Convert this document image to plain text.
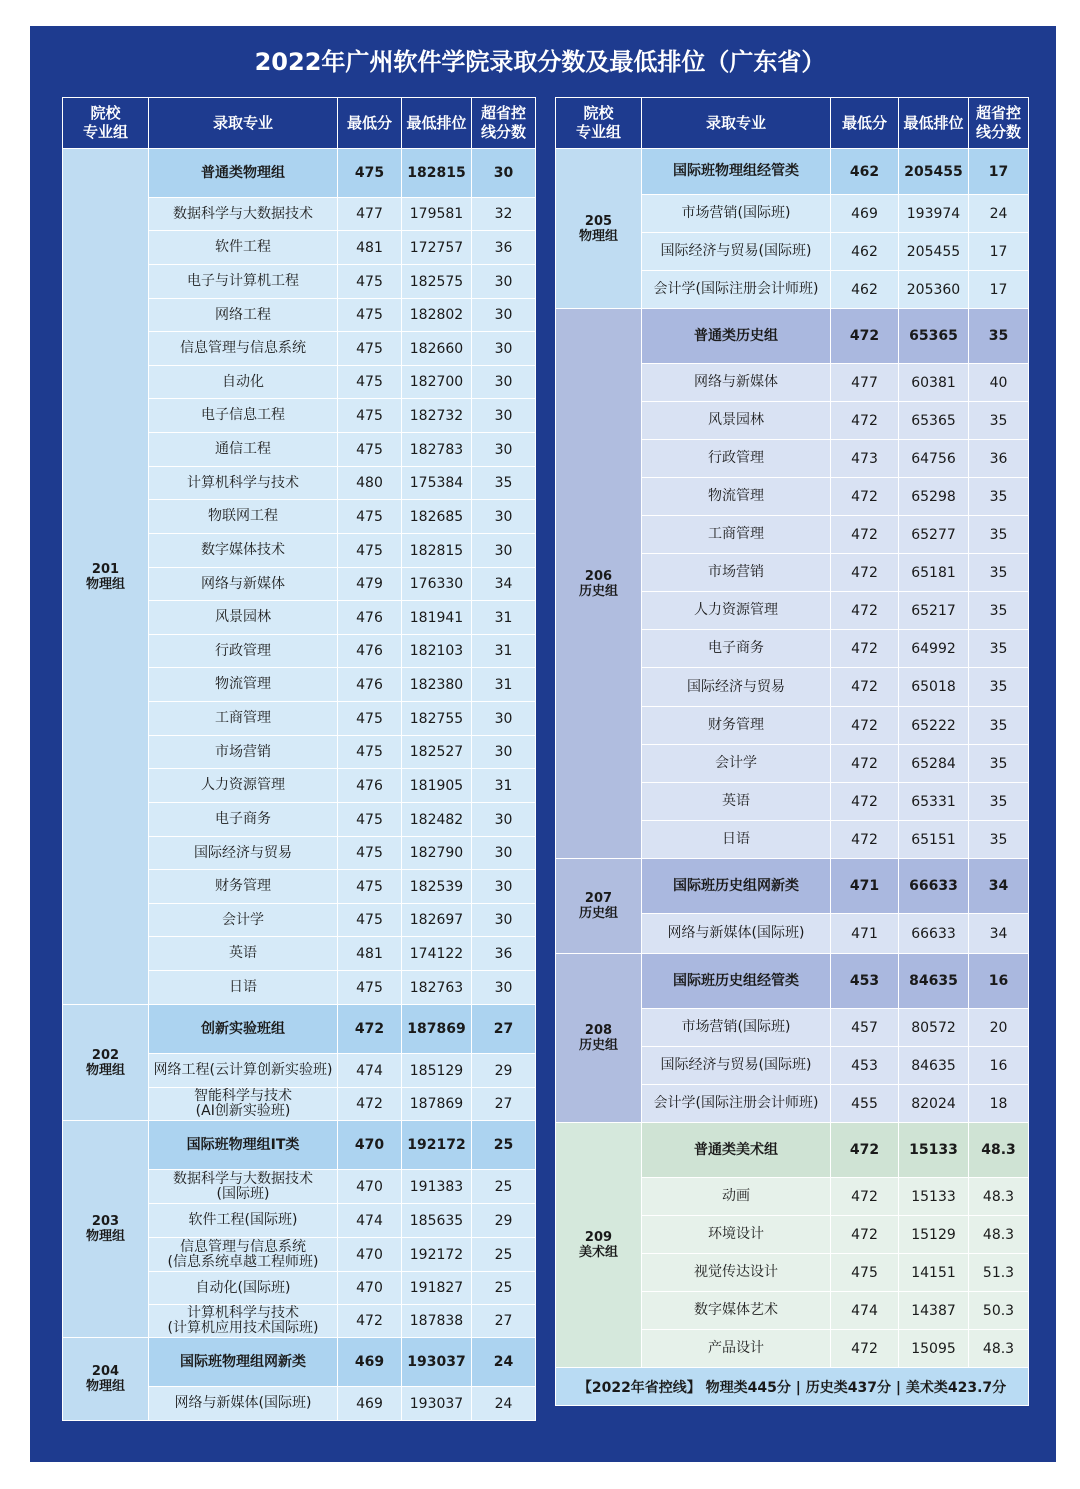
2022年广州软件学院录取分数及最低排位（广东省）
院校
专业组	录取专业	最低分	最低排位	超省控
线分数
201
物理组	普通类物理组	475	182815	30
	数据科学与大数据技术	477	179581	32
	软件工程	481	172757	36
	电子与计算机工程	475	182575	30
	网络工程	475	182802	30
	信息管理与信息系统	475	182660	30
	自动化	475	182700	30
	电子信息工程	475	182732	30
	通信工程	475	182783	30
	计算机科学与技术	480	175384	35
	物联网工程	475	182685	30
	数字媒体技术	475	182815	30
	网络与新媒体	479	176330	34
	风景园林	476	181941	31
	行政管理	476	182103	31
	物流管理	476	182380	31
	工商管理	475	182755	30
	市场营销	475	182527	30
	人力资源管理	476	181905	31
	电子商务	475	182482	30
	国际经济与贸易	475	182790	30
	财务管理	475	182539	30
	会计学	475	182697	30
	英语	481	174122	36
	日语	475	182763	30
202
物理组	创新实验班组	472	187869	27
	网络工程(云计算创新实验班)	474	185129	29
	智能科学与技术
(AI创新实验班)	472	187869	27
203
物理组	国际班物理组IT类	470	192172	25
	数据科学与大数据技术
(国际班)	470	191383	25
	软件工程(国际班)	474	185635	29
	信息管理与信息系统
(信息系统卓越工程师班)	470	192172	25
	自动化(国际班)	470	191827	25
	计算机科学与技术
(计算机应用技术国际班)	472	187838	27
204
物理组	国际班物理组网新类	469	193037	24
	网络与新媒体(国际班)	469	193037	24
院校
专业组	录取专业	最低分	最低排位	超省控
线分数
205
物理组	国际班物理组经管类	462	205455	17
	市场营销(国际班)	469	193974	24
	国际经济与贸易(国际班)	462	205455	17
	会计学(国际注册会计师班)	462	205360	17
206
历史组	普通类历史组	472	65365	35
	网络与新媒体	477	60381	40
	风景园林	472	65365	35
	行政管理	473	64756	36
	物流管理	472	65298	35
	工商管理	472	65277	35
	市场营销	472	65181	35
	人力资源管理	472	65217	35
	电子商务	472	64992	35
	国际经济与贸易	472	65018	35
	财务管理	472	65222	35
	会计学	472	65284	35
	英语	472	65331	35
	日语	472	65151	35
207
历史组	国际班历史组网新类	471	66633	34
	网络与新媒体(国际班)	471	66633	34
208
历史组	国际班历史组经管类	453	84635	16
	市场营销(国际班)	457	80572	20
	国际经济与贸易(国际班)	453	84635	16
	会计学(国际注册会计师班)	455	82024	18
209
美术组	普通类美术组	472	15133	48.3
	动画	472	15133	48.3
	环境设计	472	15129	48.3
	视觉传达设计	475	14151	51.3
	数字媒体艺术	474	14387	50.3
	产品设计	472	15095	48.3
【2022年省控线】 物理类445分 | 历史类437分 | 美术类423.7分				
